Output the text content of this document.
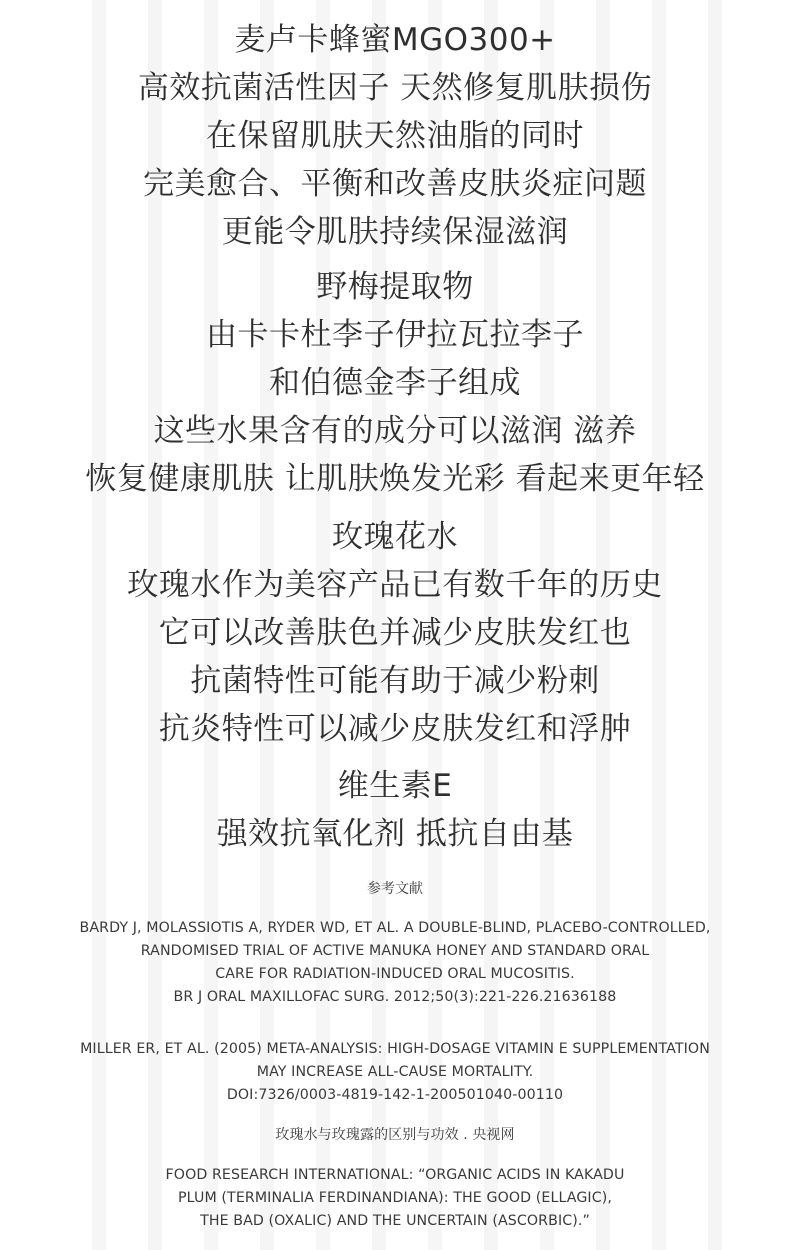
麦卢卡蜂蜜MGO300+
高效抗菌活性因子 天然修复肌肤损伤
在保留肌肤天然油脂的同时
完美愈合、平衡和改善皮肤炎症问题
更能令肌肤持续保湿滋润
野梅提取物
由卡卡杜李子伊拉瓦拉李子
和伯德金李子组成
这些水果含有的成分可以滋润 滋养
恢复健康肌肤 让肌肤焕发光彩 看起来更年轻
玫瑰花水
玫瑰水作为美容产品已有数千年的历史
它可以改善肤色并减少皮肤发红也
抗菌特性可能有助于减少粉刺
抗炎特性可以减少皮肤发红和浮肿
维生素E
强效抗氧化剂 抵抗自由基
参考文献
BARDY J, MOLASSIOTIS A, RYDER WD, ET AL. A DOUBLE-BLIND, PLACEBO-CONTROLLED,
RANDOMISED TRIAL OF ACTIVE MANUKA HONEY AND STANDARD ORAL
CARE FOR RADIATION-INDUCED ORAL MUCOSITIS.
BR J ORAL MAXILLOFAC SURG. 2012;50(3):221-226.21636188
MILLER ER, ET AL. (2005) META-ANALYSIS: HIGH-DOSAGE VITAMIN E SUPPLEMENTATION
MAY INCREASE ALL-CAUSE MORTALITY.
DOI:7326/0003-4819-142-1-200501040-00110
玫瑰水与玫瑰露的区别与功效 . 央视网
FOOD RESEARCH INTERNATIONAL: “ORGANIC ACIDS IN KAKADU
PLUM (TERMINALIA FERDINANDIANA): THE GOOD (ELLAGIC),
THE BAD (OXALIC) AND THE UNCERTAIN (ASCORBIC).”
